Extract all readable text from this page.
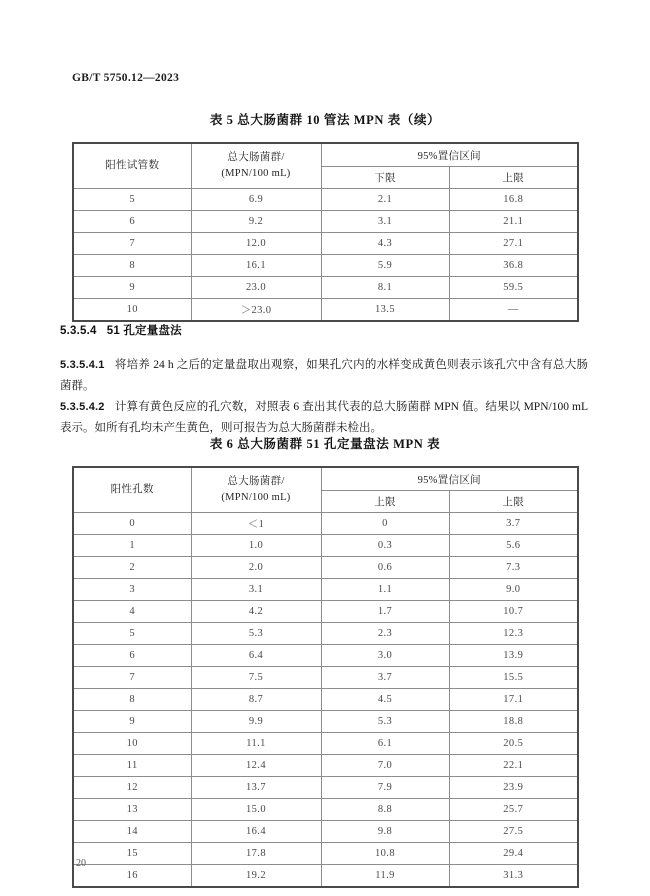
GB/T 5750.12—2023
表 5 总大肠菌群 10 管法 MPN 表（续）
阳性试管数	总大肠菌群/
(MPN/100 mL)	95%置信区间	
		下限	上限
5	6.9	2.1	16.8
6	9.2	3.1	21.1
7	12.0	4.3	27.1
8	16.1	5.9	36.8
9	23.0	8.1	59.5
10	＞23.0	13.5	—
5.3.5.4 51 孔定量盘法
5.3.5.4.1 将培养 24 h 之后的定量盘取出观察，如果孔穴内的水样变成黄色则表示该孔穴中含有总大肠菌群。
5.3.5.4.2 计算有黄色反应的孔穴数，对照表 6 查出其代表的总大肠菌群 MPN 值。结果以 MPN/100 mL 表示。如所有孔均未产生黄色，则可报告为总大肠菌群未检出。
表 6 总大肠菌群 51 孔定量盘法 MPN 表
阳性孔数	总大肠菌群/
(MPN/100 mL)	95%置信区间	
		上限	上限
0	＜1	0	3.7
1	1.0	0.3	5.6
2	2.0	0.6	7.3
3	3.1	1.1	9.0
4	4.2	1.7	10.7
5	5.3	2.3	12.3
6	6.4	3.0	13.9
7	7.5	3.7	15.5
8	8.7	4.5	17.1
9	9.9	5.3	18.8
10	11.1	6.1	20.5
11	12.4	7.0	22.1
12	13.7	7.9	23.9
13	15.0	8.8	25.7
14	16.4	9.8	27.5
15	17.8	10.8	29.4
16	19.2	11.9	31.3
20
